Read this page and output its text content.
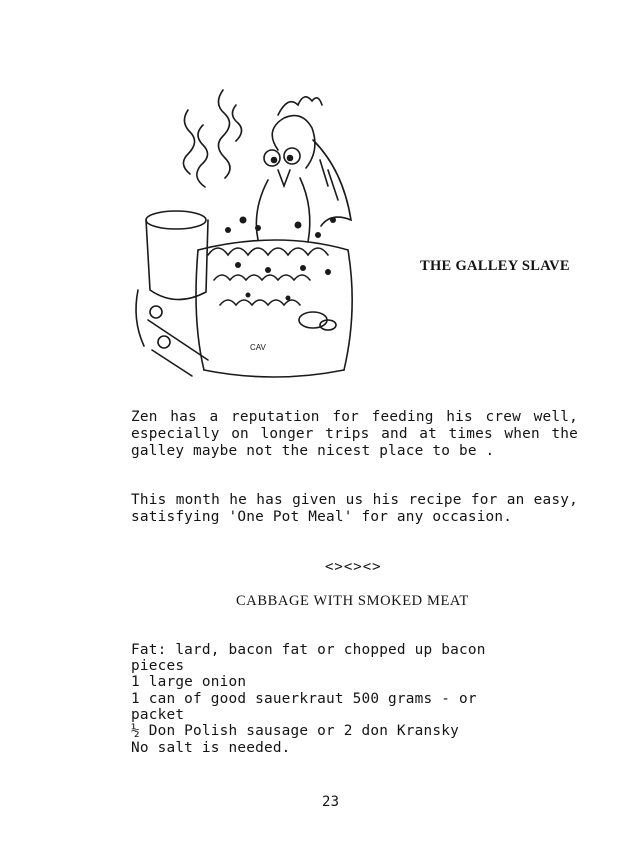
CAV
THE GALLEY SLAVE
Zen has a reputation for feeding his crew well, especially on longer trips and at times when the galley maybe not the nicest place to be .
This month he has given us his recipe for an easy, satisfying 'One Pot Meal' for any occasion.
<><><>
CABBAGE WITH SMOKED MEAT
Fat: lard, bacon fat or chopped up bacon
pieces
1 large onion
1 can of good sauerkraut 500 grams - or
packet
½ Don Polish sausage or 2 don Kransky
No salt is needed.
23
